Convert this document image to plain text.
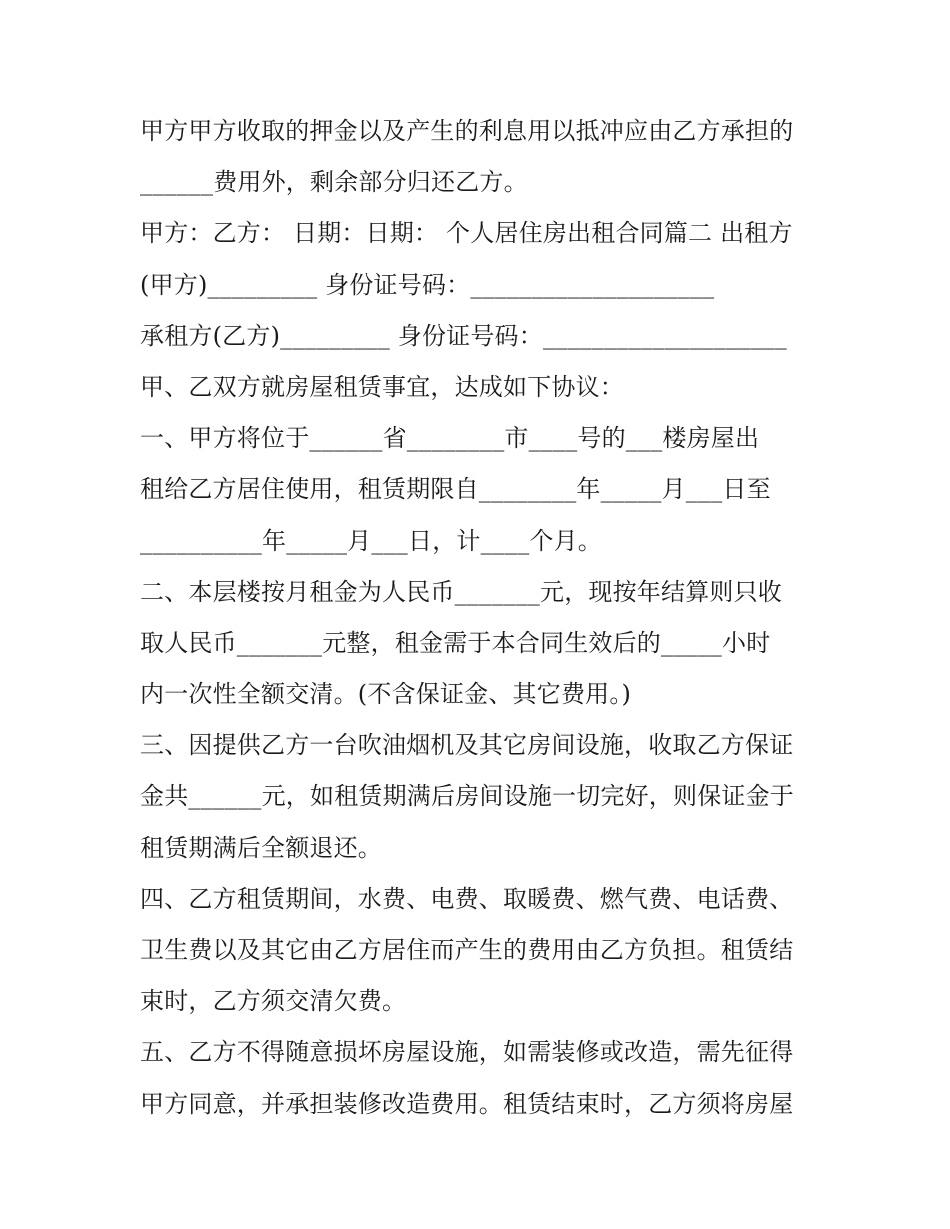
甲方甲方收取的押金以及产生的利息用以抵冲应由乙方承担的
______费用外，剩余部分归还乙方。
甲方：乙方： 日期：日期： 个人居住房出租合同篇二 出租方
(甲方)_________ 身份证号码：____________________
承租方(乙方)_________ 身份证号码：____________________
甲、乙双方就房屋租赁事宜，达成如下协议：
一、甲方将位于______省________市____号的___楼房屋出
租给乙方居住使用，租赁期限自________年_____月___日至
__________年_____月___日，计____个月。
二、本层楼按月租金为人民币_______元，现按年结算则只收
取人民币_______元整，租金需于本合同生效后的_____小时
内一次性全额交清。(不含保证金、其它费用。)
三、因提供乙方一台吹油烟机及其它房间设施，收取乙方保证
金共______元，如租赁期满后房间设施一切完好，则保证金于
租赁期满后全额退还。
四、乙方租赁期间，水费、电费、取暖费、燃气费、电话费、
卫生费以及其它由乙方居住而产生的费用由乙方负担。租赁结
束时，乙方须交清欠费。
五、乙方不得随意损坏房屋设施，如需装修或改造，需先征得
甲方同意，并承担装修改造费用。租赁结束时，乙方须将房屋
